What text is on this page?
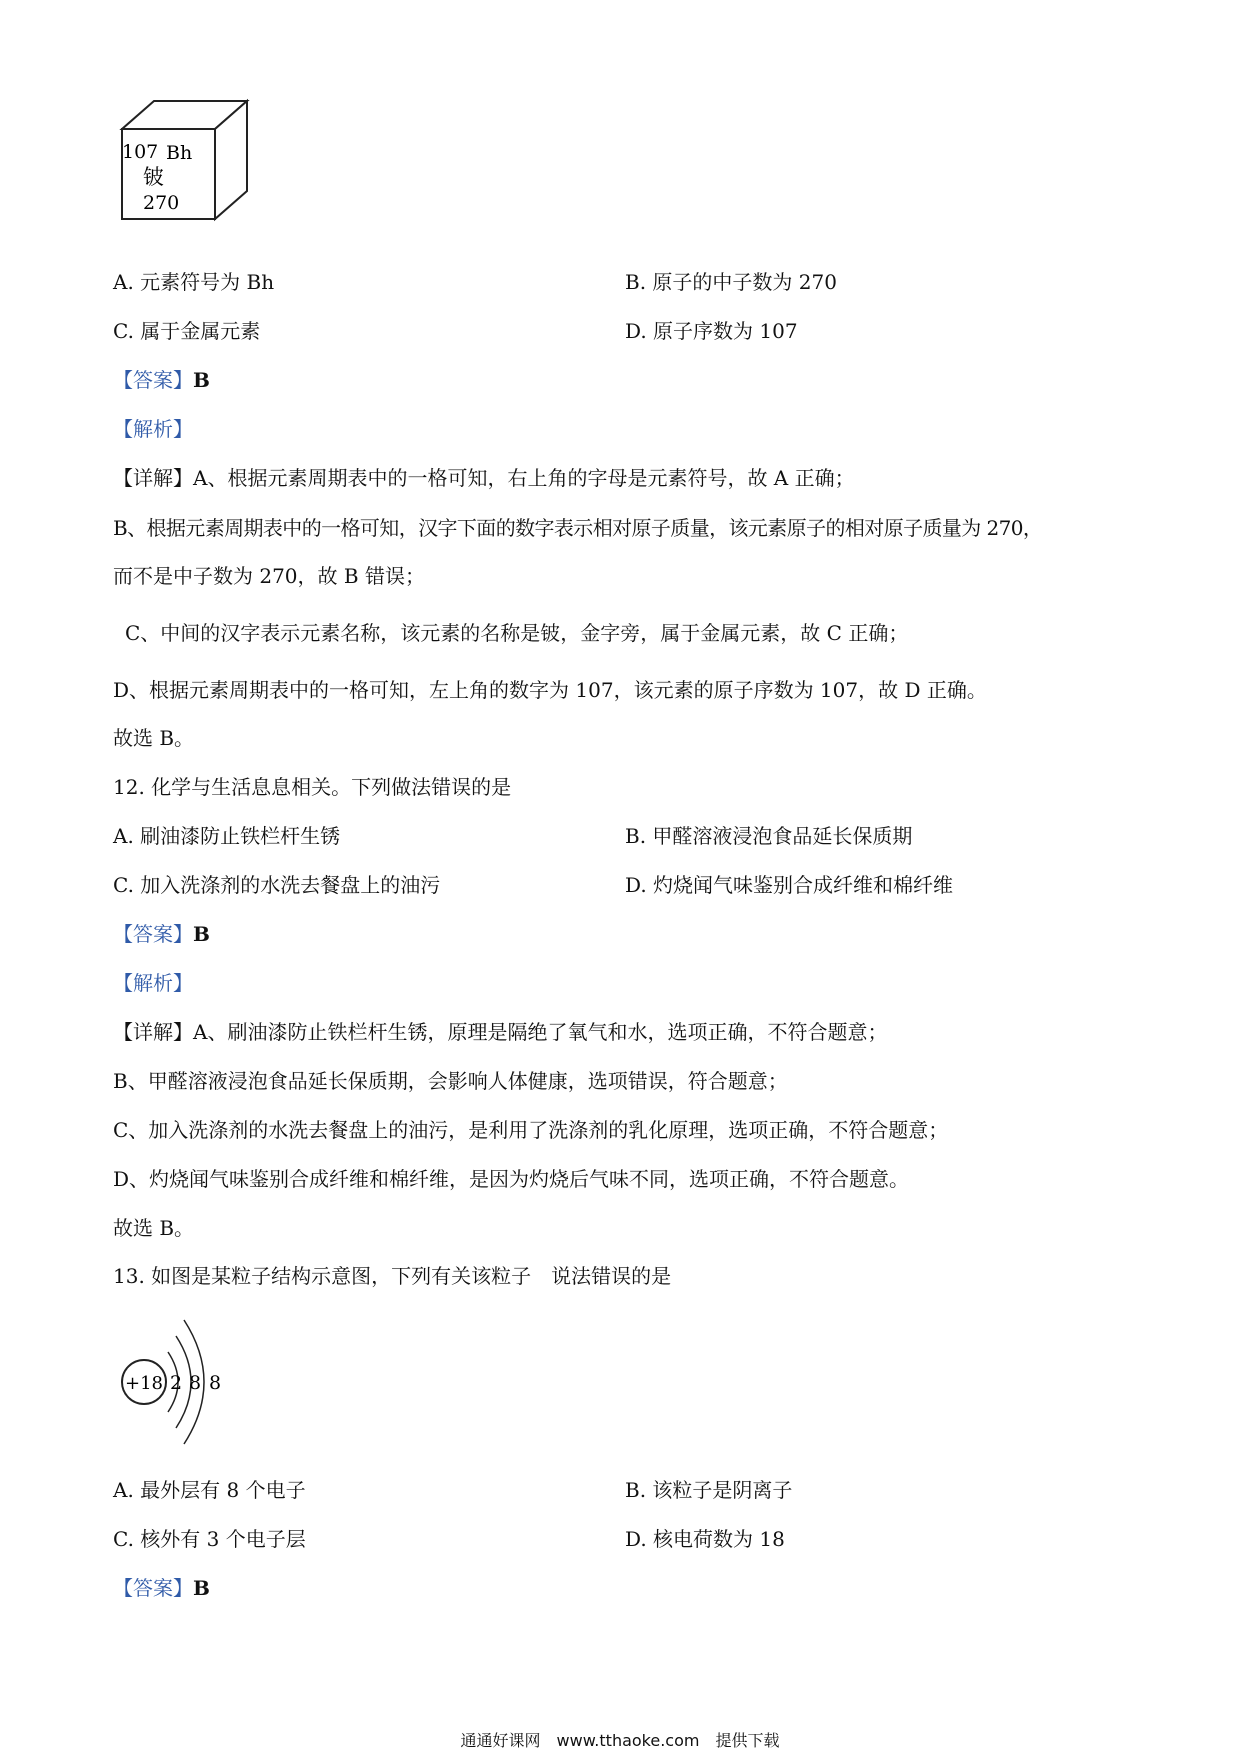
107 Bh
铍
270
A. 元素符号为 Bh	B. 原子的中子数为 270
C. 属于金属元素	D. 原子序数为 107
【答案】B
【解析】
【详解】A、根据元素周期表中的一格可知，右上角的字母是元素符号，故 A 正确；
B、根据元素周期表中的一格可知，汉字下面的数字表示相对原子质量，该元素原子的相对原子质量为 270，
而不是中子数为 270，故 B 错误；
C、中间的汉字表示元素名称，该元素的名称是铍，金字旁，属于金属元素，故 C 正确；
D、根据元素周期表中的一格可知，左上角的数字为 107，该元素的原子序数为 107，故 D 正确。
故选 B。
12. 化学与生活息息相关。下列做法错误的是
A. 刷油漆防止铁栏杆生锈	B. 甲醛溶液浸泡食品延长保质期
C. 加入洗涤剂的水洗去餐盘上的油污	D. 灼烧闻气味鉴别合成纤维和棉纤维
【答案】B
【解析】
【详解】A、刷油漆防止铁栏杆生锈，原理是隔绝了氧气和水，选项正确，不符合题意；
B、甲醛溶液浸泡食品延长保质期，会影响人体健康，选项错误，符合题意；
C、加入洗涤剂的水洗去餐盘上的油污，是利用了洗涤剂的乳化原理，选项正确，不符合题意；
D、灼烧闻气味鉴别合成纤维和棉纤维，是因为灼烧后气味不同，选项正确，不符合题意。
故选 B。
13. 如图是某粒子结构示意图，下列有关该粒子　说法错误的是
+18 2 8 8
A. 最外层有 8 个电子	B. 该粒子是阴离子
C. 核外有 3 个电子层	D. 核电荷数为 18
【答案】B
通通好课网　www.tthaoke.com　提供下载
